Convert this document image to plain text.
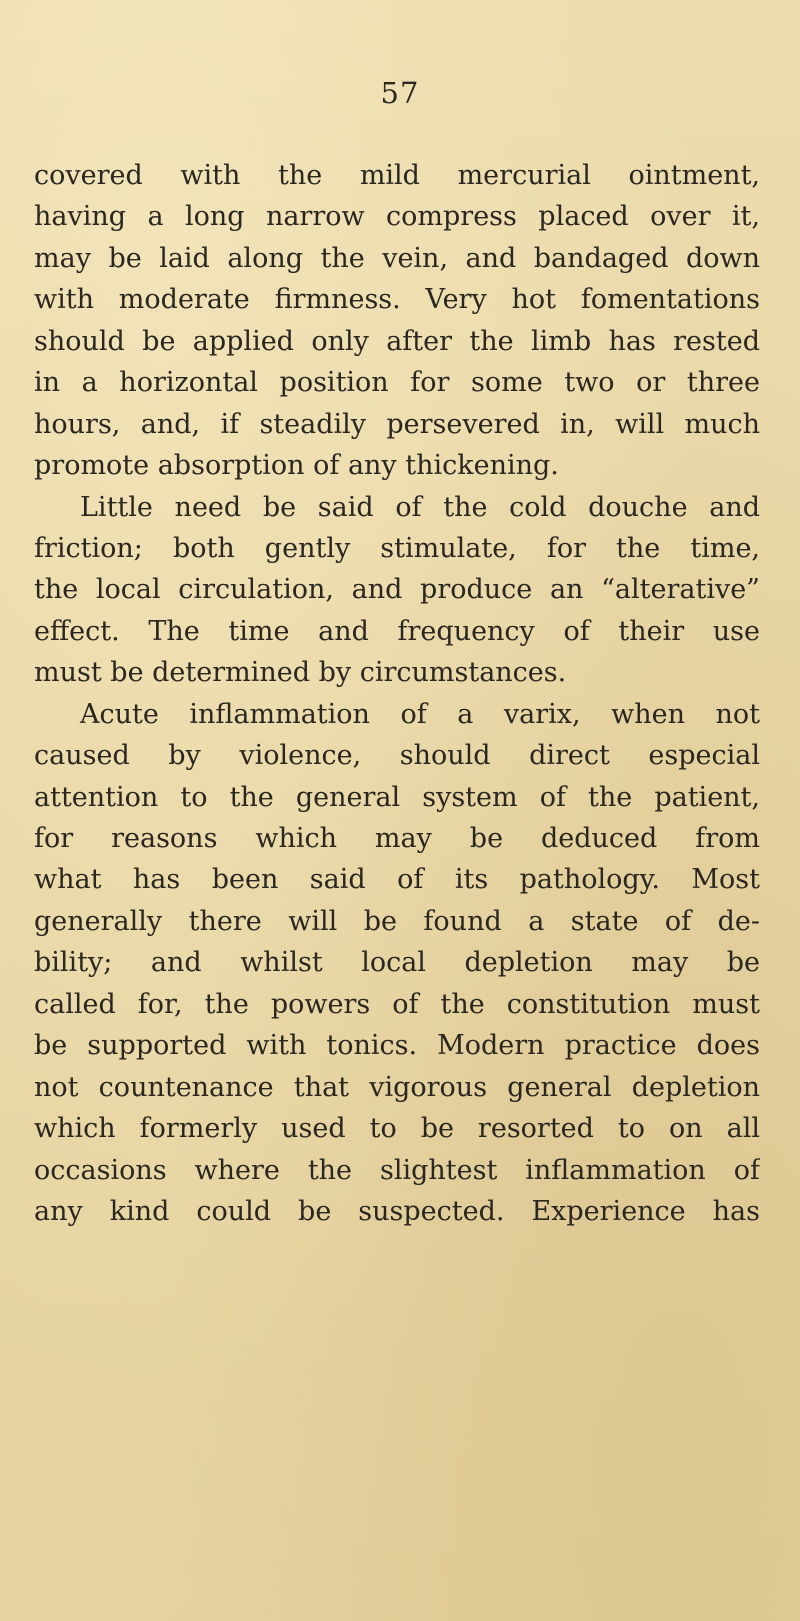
57
covered with the mild mercurial ointment,
having a long narrow compress placed over it,
may be laid along the vein, and bandaged down
with moderate firmness. Very hot fomentations
should be applied only after the limb has rested
in a horizontal position for some two or three
hours, and, if steadily persevered in, will much
promote absorption of any thickening.
Little need be said of the cold douche and
friction; both gently stimulate, for the time,
the local circulation, and produce an “alterative”
effect. The time and frequency of their use
must be determined by circumstances.
Acute inflammation of a varix, when not
caused by violence, should direct especial
attention to the general system of the patient,
for reasons which may be deduced from
what has been said of its pathology. Most
generally there will be found a state of de-
bility; and whilst local depletion may be
called for, the powers of the constitution must
be supported with tonics. Modern practice does
not countenance that vigorous general depletion
which formerly used to be resorted to on all
occasions where the slightest inflammation of
any kind could be suspected. Experience has
